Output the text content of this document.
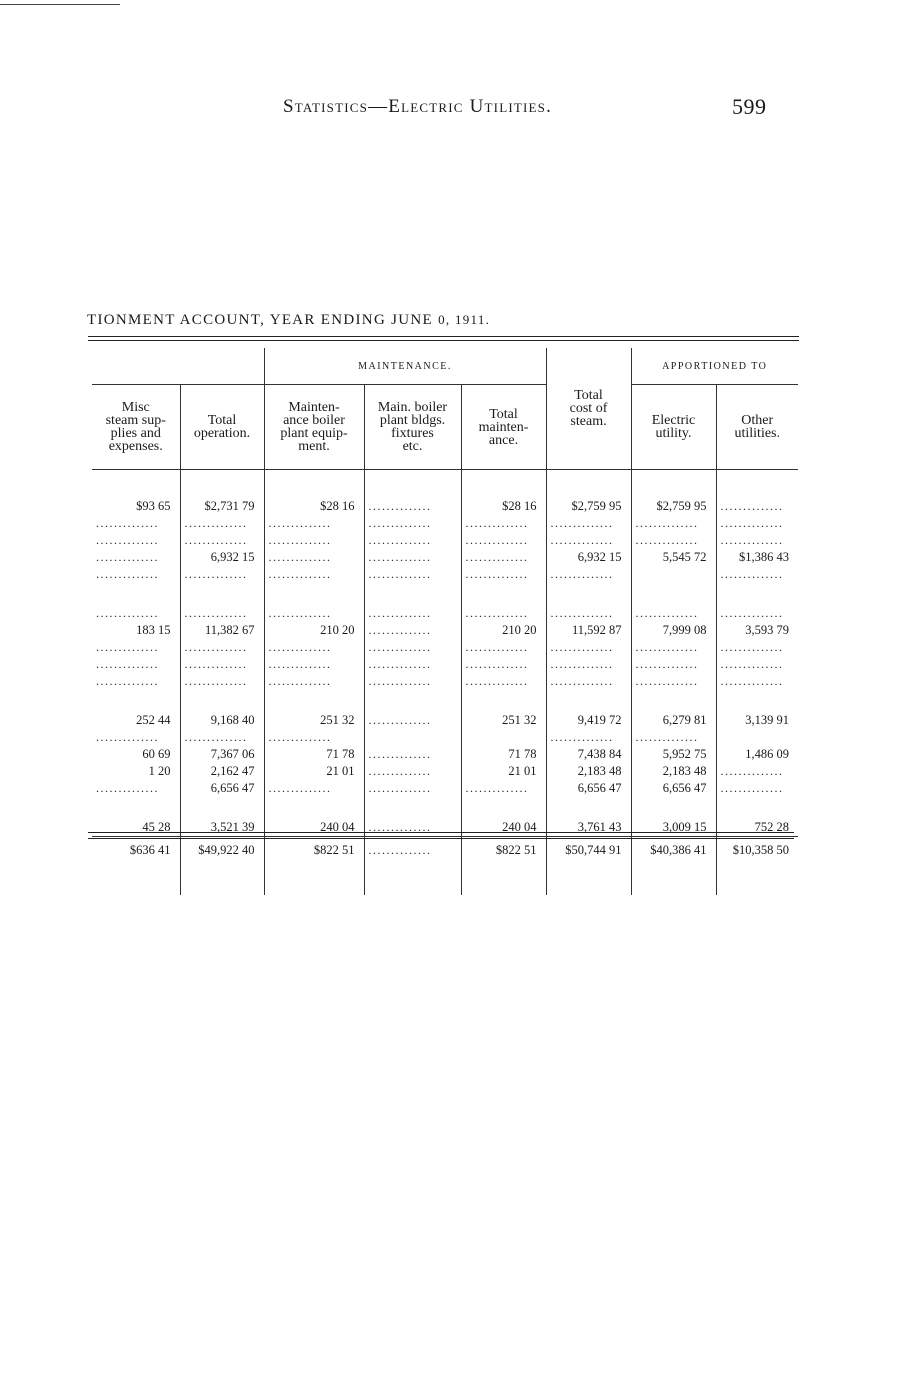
Statistics—Electric Utilities.	599
TIONMENT ACCOUNT, YEAR ENDING JUNE 0, 1911.
		MAINTENANCE.			Total
cost of
steam.	APPORTIONED TO	
Misc
steam sup-
plies and
expenses.	Total
operation.	Mainten-
ance boiler
plant equip-
ment.	Main. boiler
plant bldgs.
fixtures
etc.	Total
mainten-
ance.		Electric
utility.	Other
utilities.

$93 65	$2,731 79	$28 16	..............	$28 16	$2,759 95	$2,759 95	..............
..............	..............	..............	..............	..............	..............	..............	..............
..............	..............	..............	..............	..............	..............	..............	..............
..............	6,932 15	..............	..............	..............	6,932 15	5,545 72	$1,386 43
..............	..............	..............	..............	..............	..............		..............

..............	..............	..............	..............	..............	..............	..............	..............
183 15	11,382 67	210 20	..............	210 20	11,592 87	7,999 08	3,593 79
..............	..............	..............	..............	..............	..............	..............	..............
..............	..............	..............	..............	..............	..............	..............	..............
..............	..............	..............	..............	..............	..............	..............	..............

252 44	9,168 40	251 32	..............	251 32	9,419 72	6,279 81	3,139 91
..............	..............	..............			..............	..............	
60 69	7,367 06	71 78	..............	71 78	7,438 84	5,952 75	1,486 09
1 20	2,162 47	21 01	..............	21 01	2,183 48	2,183 48	..............
..............	6,656 47	..............	..............	..............	6,656 47	6,656 47	..............

45 28	3,521 39	240 04	..............	240 04	3,761 43	3,009 15	752 28
$636 41	$49,922 40	$822 51	..............	$822 51	$50,744 91	$40,386 41	$10,358 50
